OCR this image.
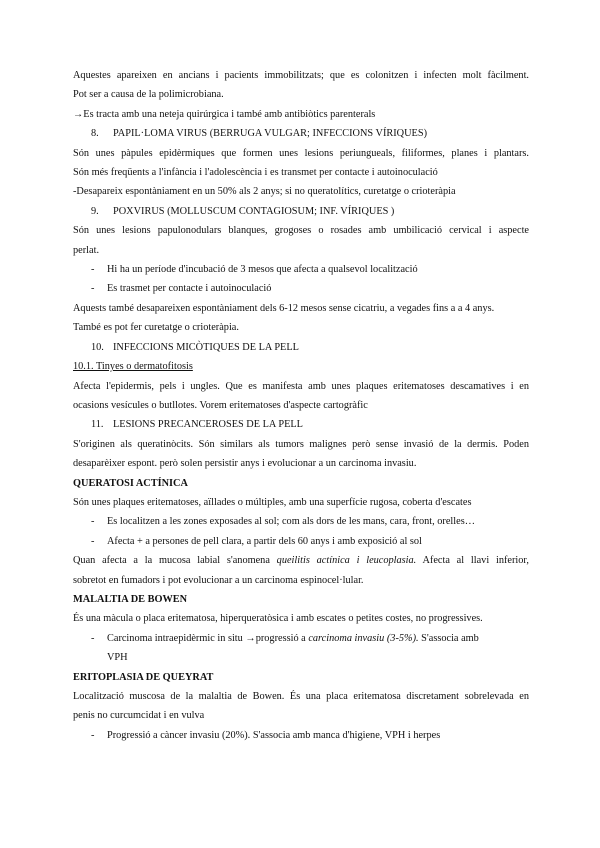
Aquestes apareixen en ancians i pacients immobilitzats; que es colonitzen i infecten molt fàcilment.

Pot ser a causa de la polimicrobiana.

→Es tracta amb una neteja quirúrgica i també amb antibiòtics parenterals

8. PAPIL·LOMA VIRUS (BERRUGA VULGAR; INFECCIONS VÍRIQUES)

Són unes pàpules epidèrmiques que formen unes lesions periungueals, filiformes, planes i plantars.

Són més freqüents a l'infància i l'adolescència i es transmet per contacte i autoinoculació

-Desapareix espontàniament en un 50% als 2 anys; si no queratolítics, curetatge o crioteràpia

9. POXVIRUS (MOLLUSCUM CONTAGIOSUM; INF. VÍRIQUES )

Són unes lesions papulonodulars blanques, grogoses o rosades amb umbilicació cervical i aspecte

perlat.

- Hi ha un període d'incubació de 3 mesos que afecta a qualsevol localització

- Es trasmet per contacte i autoinoculació

Aquests també desapareixen espontàniament dels 6-12 mesos sense cicatriu, a vegades fins a a 4 anys.

També es pot fer curetatge o crioteràpia.

10. INFECCIONS MICÒTIQUES DE LA PELL

10.1. Tinyes o dermatofitosis

Afecta l'epidermis, pels i ungles. Que es manifesta amb unes plaques eritematoses descamatives i en

ocasions vesícules o butllotes. Vorem eritematoses d'aspecte cartogràfic

11. LESIONS PRECANCEROSES DE LA PELL

S'originen als queratinòcits. Són similars als tumors malignes però sense invasió de la dermis. Poden

desaparèixer espont. però solen persistir anys i evolucionar a un carcinoma invasiu.

QUERATOSI ACTÍNICA

Són unes plaques eritematoses, aïllades o múltiples, amb una superfície rugosa, coberta d'escates

- Es localitzen a les zones exposades al sol; com als dors de les mans, cara, front, orelles…

- Afecta + a persones de pell clara, a partir dels 60 anys i amb exposició al sol

Quan afecta a la mucosa labial s'anomena queilitis actínica i leucoplasia. Afecta al llavi inferior,

sobretot en fumadors i pot evolucionar a un carcinoma espinocel·lular.

MALALTIA DE BOWEN

És una màcula o placa eritematosa, hiperqueratòsica i amb escates o petites costes, no progressives.

- Carcinoma intraepidèrmic in situ →progressió a carcinoma invasiu (3-5%). S'associa amb

VPH

ERITOPLASIA DE QUEYRAT

Localització muscosa de la malaltia de Bowen. És una placa eritematosa discretament sobrelevada en

penis no curcumcidat i en vulva

- Progressió a càncer invasiu (20%). S'associa amb manca d'higiene, VPH i herpes
